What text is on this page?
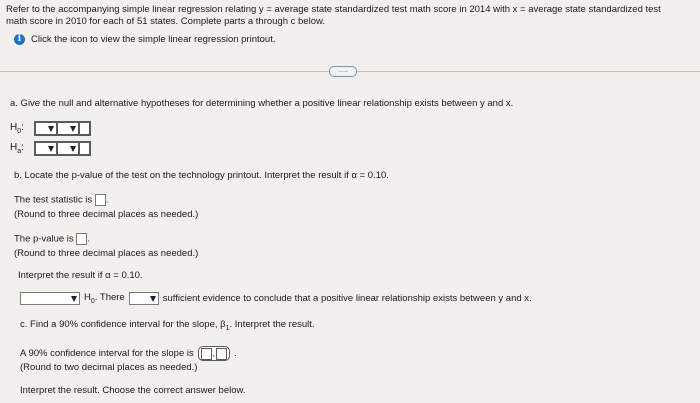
Refer to the accompanying simple linear regression relating y = average state standardized test math score in 2014 with x = average state standardized test
math score in 2010 for each of 51 states. Complete parts a through c below.
i	Click the icon to view the simple linear regression printout.
.....
a. Give the null and alternative hypotheses for determining whether a positive linear relationship exists between y and x.
$H_0$:
$H_a$:
b. Locate the p-value of the test on the technology printout. Interpret the result if α = 0.10.
The test statistic is .
(Round to three decimal places as needed.)
The p-value is .
(Round to three decimal places as needed.)
Interpret the result if α = 0.10.
$H_0$. There	sufficient evidence to conclude that a positive linear relationship exists between y and x.
c. Find a 90% confidence interval for the slope, $\beta_1$. Interpret the result.
A 90% confidence interval for the slope is , .
(Round to two decimal places as needed.)
Interpret the result. Choose the correct answer below.
